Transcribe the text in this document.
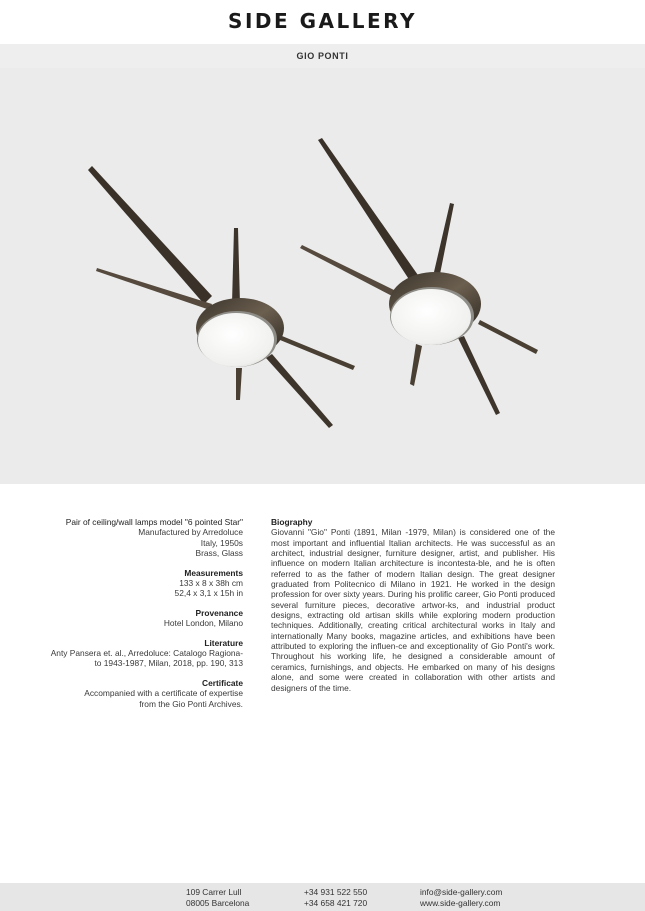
SIDE GALLERY
GIO PONTI

Pair of ceiling/wall lamps model "6 pointed Star"

Manufactured by Arredoluce

Italy, 1950s

Brass, Glass

Measurements

133 x 8 x 38h cm

52,4 x 3,1 x 15h in

Provenance

Hotel London, Milano

Literature

Anty Pansera et. al., Arredoluce: Catalogo Ragiona-

to 1943-1987, Milan, 2018, pp. 190, 313

Certificate

Accompanied with a certificate of expertise

from the Gio Ponti Archives.

Biography

Giovanni "Gio" Ponti (1891, Milan -1979, Milan) is considered one of the most important and influential Italian architects. He was successful as an architect, industrial designer, furniture designer, artist, and publisher. His influence on modern Italian architecture is incontesta-ble, and he is often referred to as the father of modern Italian design. The great designer graduated from Politecnico di Milano in 1921. He worked in the design profession for over sixty years. During his prolific career, Gio Ponti produced several furniture pieces, decorative artwor-ks, and industrial product designs, extracting old artisan skills while exploring modern production techniques. Additionally, creating critical architectural works in Italy and internationally Many books, magazine articles, and exhibitions have been attributed to exploring the influen-ce and exceptionality of Gio Ponti's work. Throughout his working life, he designed a considerable amount of ceramics, furnishings, and objects. He embarked on many of his designs alone, and some were created in collaboration with other artists and designers of the time.

109 Carrer Lull
08005 Barcelona
+34 931 522 550
+34 658 421 720
info@side-gallery.com
www.side-gallery.com
